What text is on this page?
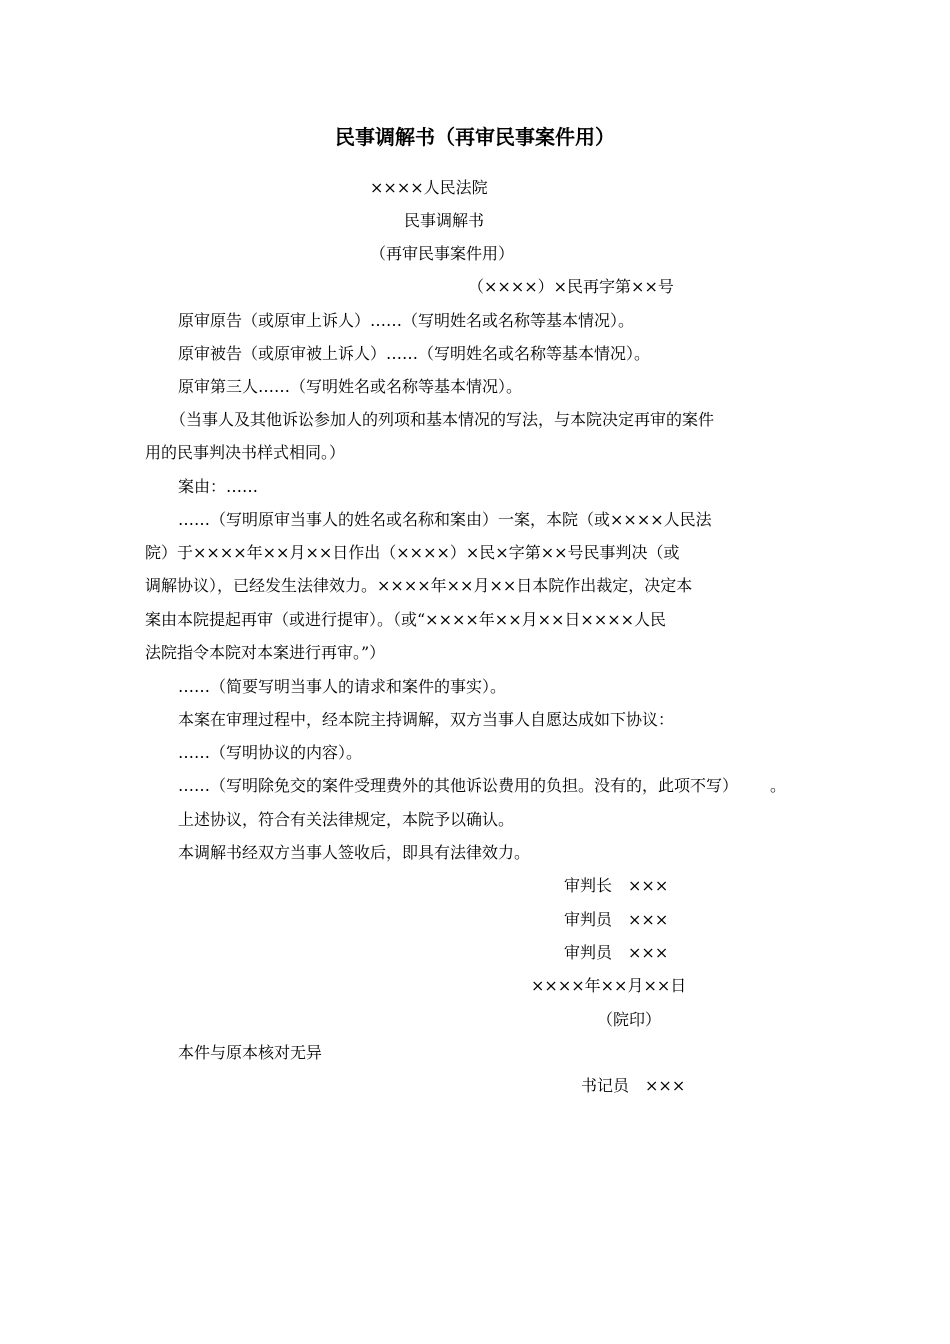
民事调解书（再审民事案件用）
××××人民法院
民事调解书
（再审民事案件用）
（××××）×民再字第××号
原审原告（或原审上诉人）……（写明姓名或名称等基本情况）。
原审被告（或原审被上诉人）……（写明姓名或名称等基本情况）。
原审第三人……（写明姓名或名称等基本情况）。
（当事人及其他诉讼参加人的列项和基本情况的写法，与本院决定再审的案件
用的民事判决书样式相同。）
案由：……
……（写明原审当事人的姓名或名称和案由）一案，本院（或××××人民法
院）于××××年××月××日作出（××××）×民×字第××号民事判决（或
调解协议），已经发生法律效力。××××年××月××日本院作出裁定，决定本
案由本院提起再审（或进行提审）。（或“××××年××月××日××××人民
法院指令本院对本案进行再审。”）
……（简要写明当事人的请求和案件的事实）。
本案在审理过程中，经本院主持调解，双方当事人自愿达成如下协议：
……（写明协议的内容）。
……（写明除免交的案件受理费外的其他诉讼费用的负担。没有的，此项不写） 。
上述协议，符合有关法律规定，本院予以确认。
本调解书经双方当事人签收后，即具有法律效力。
审判长　×××
审判员　×××
审判员　×××
××××年××月××日
（院印）
本件与原本核对无异
书记员　×××
